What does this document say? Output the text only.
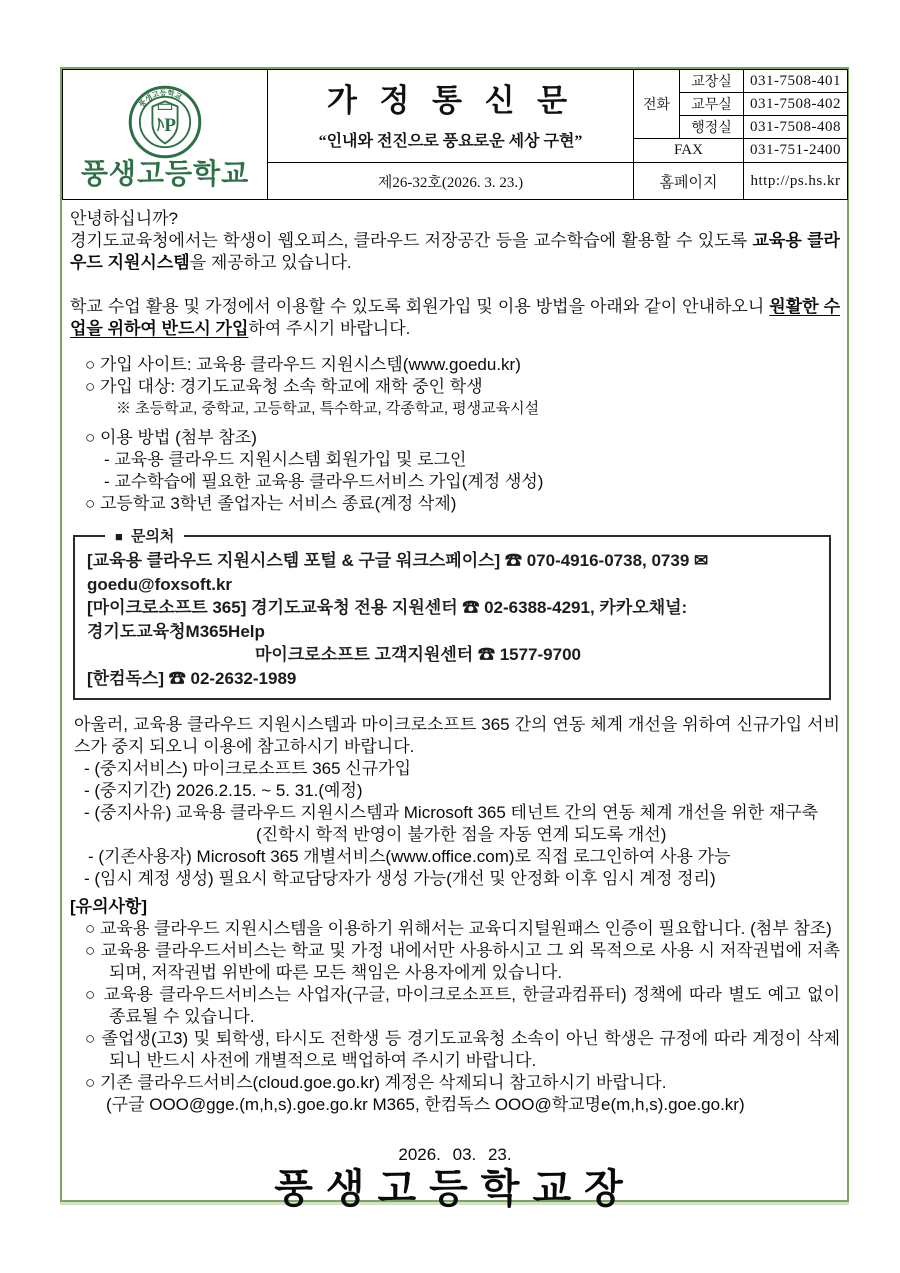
풍생고등학교
P
풍생고등학교

가 정 통 신 문
“인내와 전진으로 풍요로운 세상 구현”
	전화	교장실	031-7508-401
			교무실	031-7508-402
			행정실	031-7508-408
		FAX		031-751-2400
	제26-32호(2026. 3. 23.)	홈페이지		http://ps.hs.kr

안녕하십니까?

경기도교육청에서는 학생이 웹오피스, 클라우드 저장공간 등을 교수학습에 활용할 수 있도록 교육용 클라우드 지원시스템을 제공하고 있습니다.

학교 수업 활용 및 가정에서 이용할 수 있도록 회원가입 및 이용 방법을 아래와 같이 안내하오니 원활한 수업을 위하여 반드시 가입하여 주시기 바랍니다.

○ 가입 사이트: 교육용 클라우드 지원시스템(www.goedu.kr)
○ 가입 대상: 경기도교육청 소속 학교에 재학 중인 학생
※ 초등학교, 중학교, 고등학교, 특수학교, 각종학교, 평생교육시설
○ 이용 방법 (첨부 참조)
- 교육용 클라우드 지원시스템 회원가입 및 로그인
- 교수학습에 필요한 교육용 클라우드서비스 가입(계정 생성)
○ 고등학교 3학년 졸업자는 서비스 종료(계정 삭제)
■ 문의처
[교육용 클라우드 지원시스템 포털 & 구글 워크스페이스] ☎ 070-4916-0738, 0739 ✉
goedu@foxsoft.kr
[마이크로소프트 365] 경기도교육청 전용 지원센터 ☎ 02-6388-4291, 카카오채널:
경기도교육청M365Help
마이크로소프트 고객지원센터 ☎ 1577-9700
[한컴독스] ☎ 02-2632-1989

아울러, 교육용 클라우드 지원시스템과 마이크로소프트 365 간의 연동 체계 개선을 위하여 신규가입 서비스가 중지 되오니 이용에 참고하시기 바랍니다.

- (중지서비스) 마이크로소프트 365 신규가입
- (중지기간) 2026.2.15. ~ 5. 31.(예정)
- (중지사유) 교육용 클라우드 지원시스템과 Microsoft 365 테넌트 간의 연동 체계 개선을 위한 재구축
(진학시 학적 반영이 불가한 점을 자동 연계 되도록 개선)
- (기존사용자) Microsoft 365 개별서비스(www.office.com)로 직접 로그인하여 사용 가능
- (임시 계정 생성) 필요시 학교담당자가 생성 가능(개선 및 안정화 이후 임시 계정 정리)
[유의사항]
○ 교육용 클라우드 지원시스템을 이용하기 위해서는 교육디지털원패스 인증이 필요합니다. (첨부 참조)
○ 교육용 클라우드서비스는 학교 및 가정 내에서만 사용하시고 그 외 목적으로 사용 시 저작권법에 저촉되며, 저작권법 위반에 따른 모든 책임은 사용자에게 있습니다.
○ 교육용 클라우드서비스는 사업자(구글, 마이크로소프트, 한글과컴퓨터) 정책에 따라 별도 예고 없이 종료될 수 있습니다.
○ 졸업생(고3) 및 퇴학생, 타시도 전학생 등 경기도교육청 소속이 아닌 학생은 규정에 따라 계정이 삭제되니 반드시 사전에 개별적으로 백업하여 주시기 바랍니다.
○ 기존 클라우드서비스(cloud.goe.go.kr) 계정은 삭제되니 참고하시기 바랍니다.
(구글 OOO@gge.(m,h,s).goe.go.kr M365, 한컴독스 OOO@학교명e(m,h,s).goe.go.kr)
2026. 03. 23.
풍생고등학교장
